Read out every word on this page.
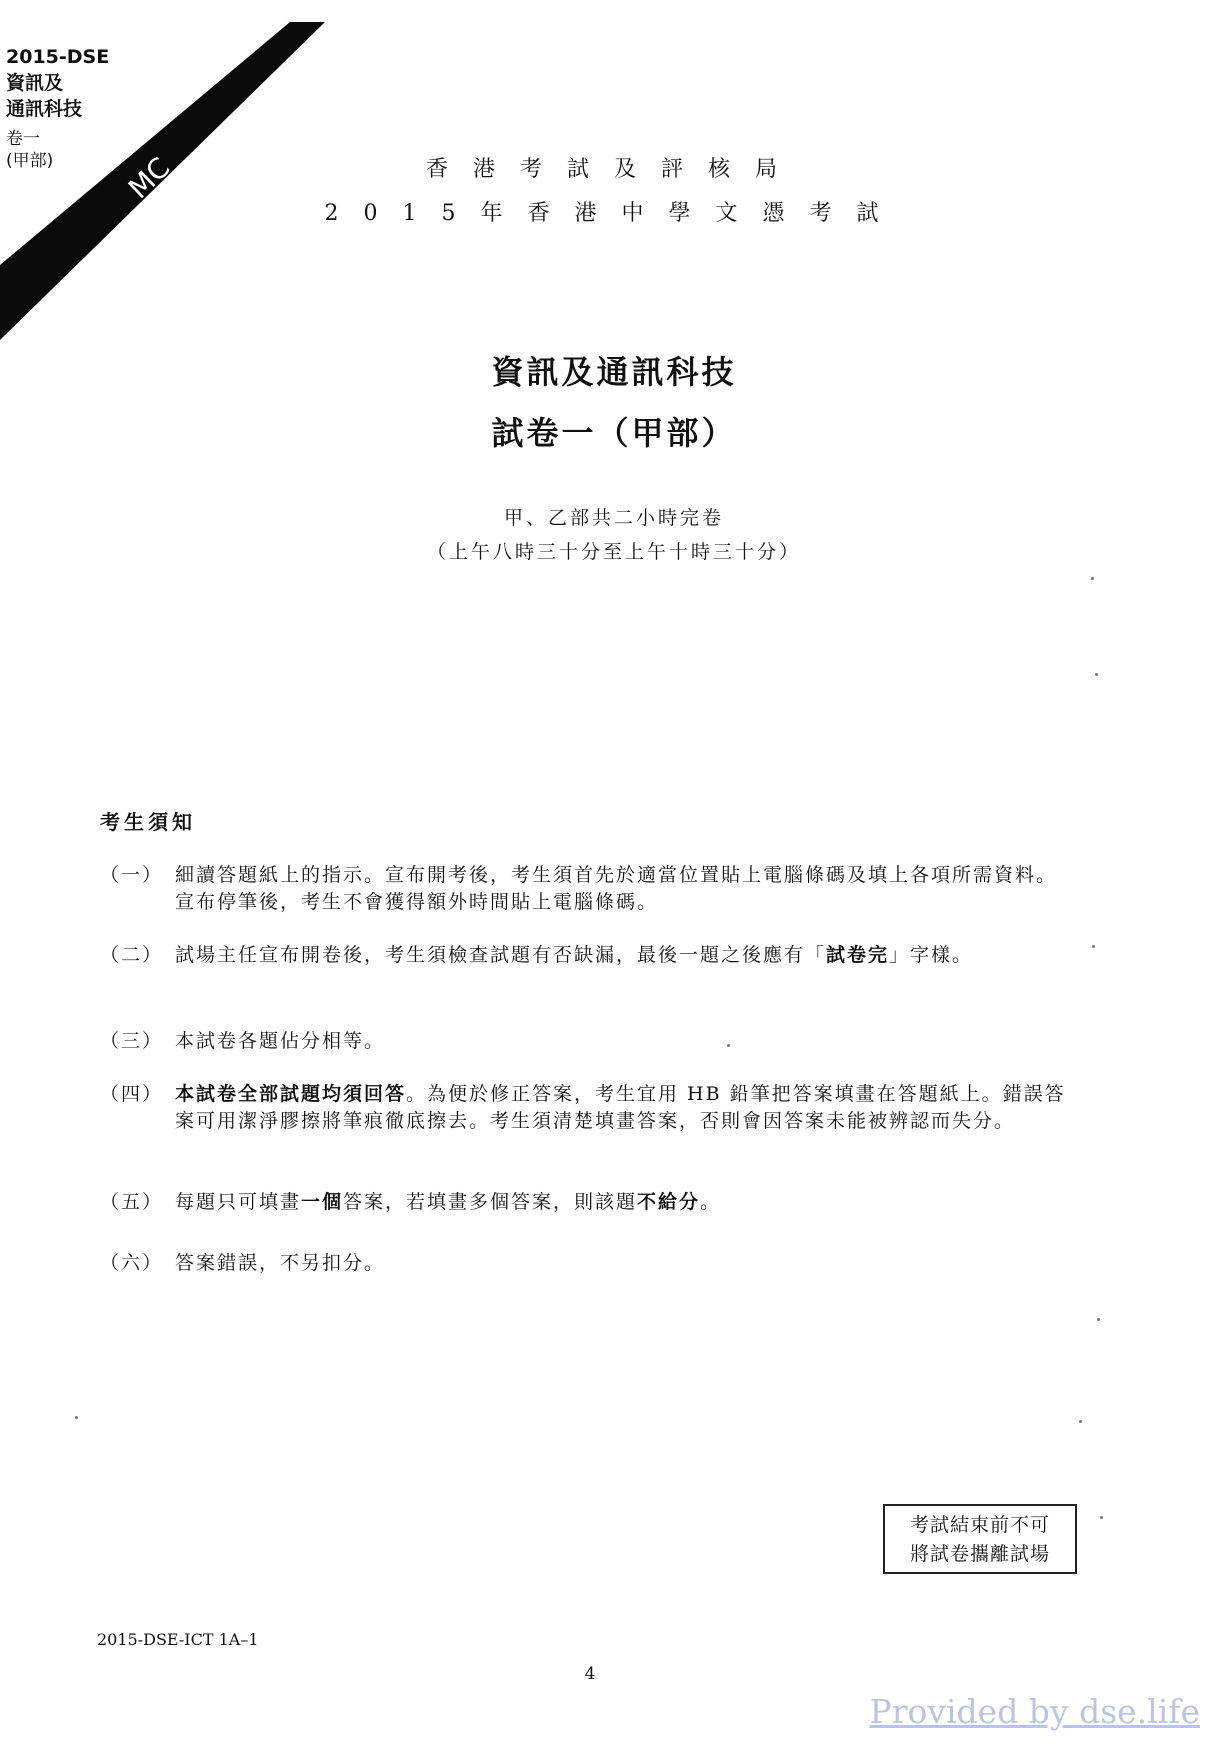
MC
2015-DSE
資訊及
通訊科技
卷一
(甲部)	香港考試及評核局
2015年香港中學文憑考試
資訊及通訊科技
試卷一（甲部）
甲、乙部共二小時完卷
（上午八時三十分至上午十時三十分）
考生須知
（一） 細讀答題紙上的指示。宣布開考後，考生須首先於適當位置貼上電腦條碼及填上各項所需資料。宣布停筆後，考生不會獲得額外時間貼上電腦條碼。
（二） 試場主任宣布開卷後，考生須檢查試題有否缺漏，最後一題之後應有「試卷完」字樣。
（三） 本試卷各題佔分相等。
（四） 本試卷全部試題均須回答。為便於修正答案，考生宜用 HB 鉛筆把答案填畫在答題紙上。錯誤答案可用潔淨膠擦將筆痕徹底擦去。考生須清楚填畫答案，否則會因答案未能被辨認而失分。
（五） 每題只可填畫一個答案，若填畫多個答案，則該題不給分。
（六） 答案錯誤，不另扣分。
考試結束前不可
將試卷攜離試場
2015-DSE-ICT 1A–1
4
Provided by dse.life
